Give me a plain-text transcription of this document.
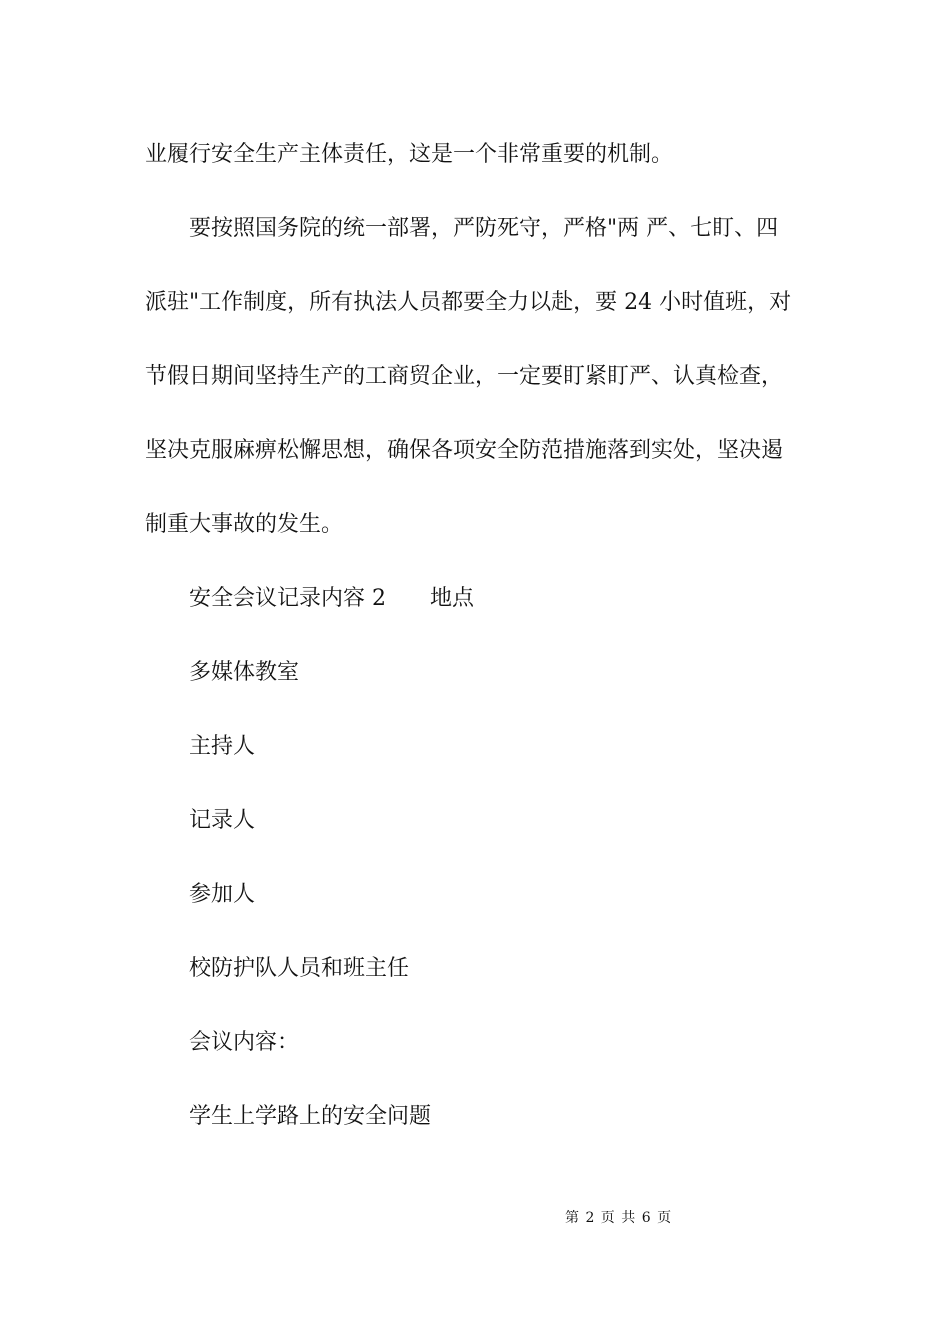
业履行安全生产主体责任，这是一个非常重要的机制。
要按照国务院的统一部署，严防死守，严格"两 严、七盯、四
派驻"工作制度，所有执法人员都要全力以赴，要 24 小时值班，对
节假日期间坚持生产的工商贸企业，一定要盯紧盯严、认真检查，
坚决克服麻痹松懈思想，确保各项安全防范措施落到实处，坚决遏
制重大事故的发生。
安全会议记录内容 2 地点
多媒体教室
主持人
记录人
参加人
校防护队人员和班主任
会议内容：
学生上学路上的安全问题
第 2 页 共 6 页
